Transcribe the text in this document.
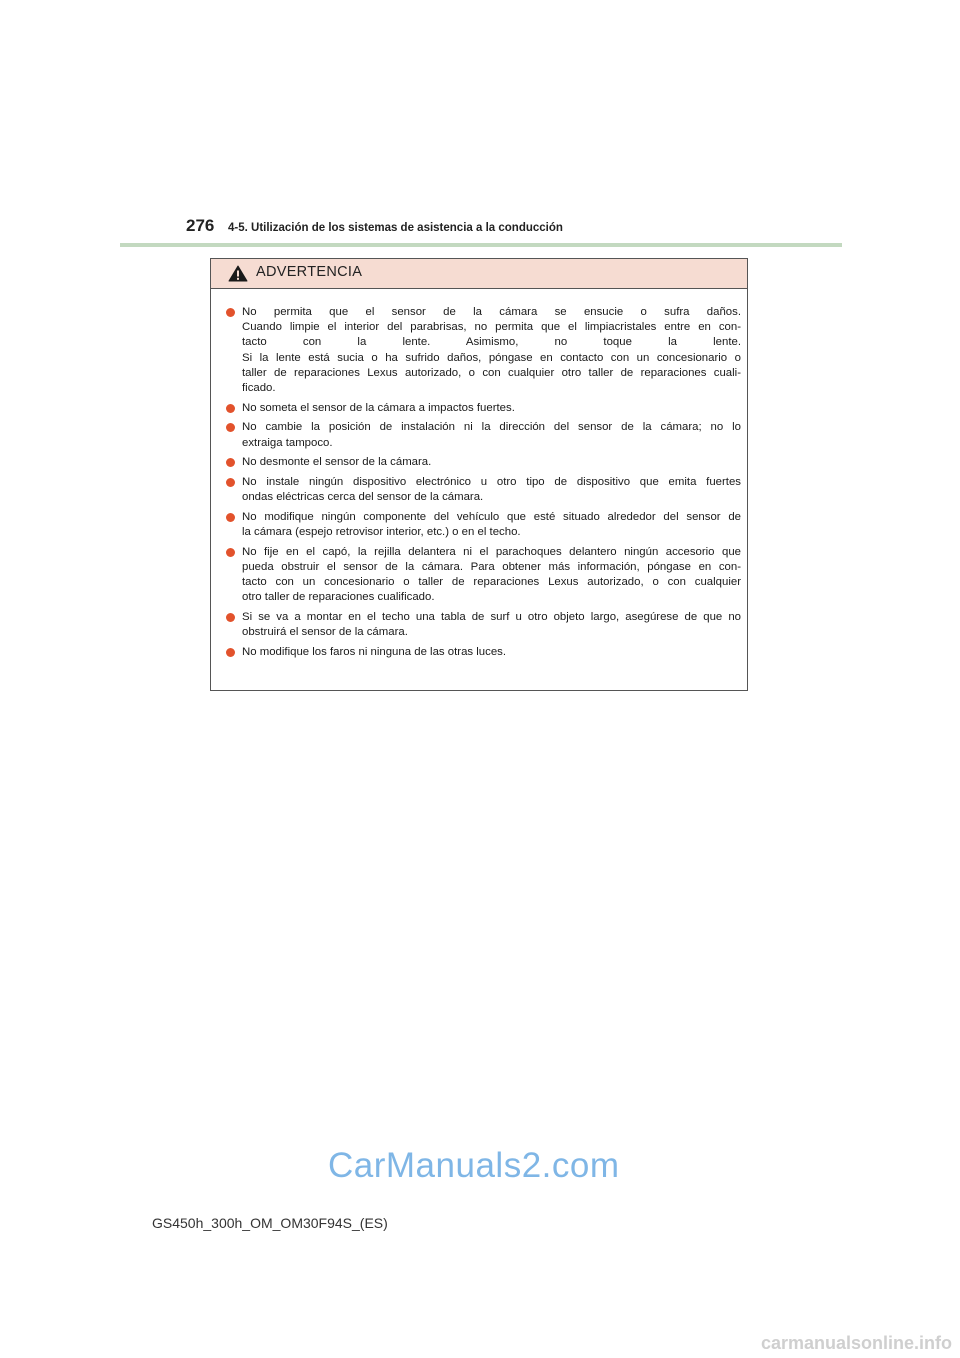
276 4-5. Utilización de los sistemas de asistencia a la conducción
ADVERTENCIA
No permita que el sensor de la cámara se ensucie o sufra daños.
Cuando limpie el interior del parabrisas, no permita que el limpiacristales entre en con-
tacto con la lente. Asimismo, no toque la lente.
Si la lente está sucia o ha sufrido daños, póngase en contacto con un concesionario o
taller de reparaciones Lexus autorizado, o con cualquier otro taller de reparaciones cuali-
ficado.
No someta el sensor de la cámara a impactos fuertes.
No cambie la posición de instalación ni la dirección del sensor de la cámara; no lo
extraiga tampoco.
No desmonte el sensor de la cámara.
No instale ningún dispositivo electrónico u otro tipo de dispositivo que emita fuertes
ondas eléctricas cerca del sensor de la cámara.
No modifique ningún componente del vehículo que esté situado alrededor del sensor de
la cámara (espejo retrovisor interior, etc.) o en el techo.
No fije en el capó, la rejilla delantera ni el parachoques delantero ningún accesorio que
pueda obstruir el sensor de la cámara. Para obtener más información, póngase en con-
tacto con un concesionario o taller de reparaciones Lexus autorizado, o con cualquier
otro taller de reparaciones cualificado.
Si se va a montar en el techo una tabla de surf u otro objeto largo, asegúrese de que no
obstruirá el sensor de la cámara.
No modifique los faros ni ninguna de las otras luces.
GS450h_300h_OM_OM30F94S_(ES)
CarManuals2.com
carmanualsonline.info
